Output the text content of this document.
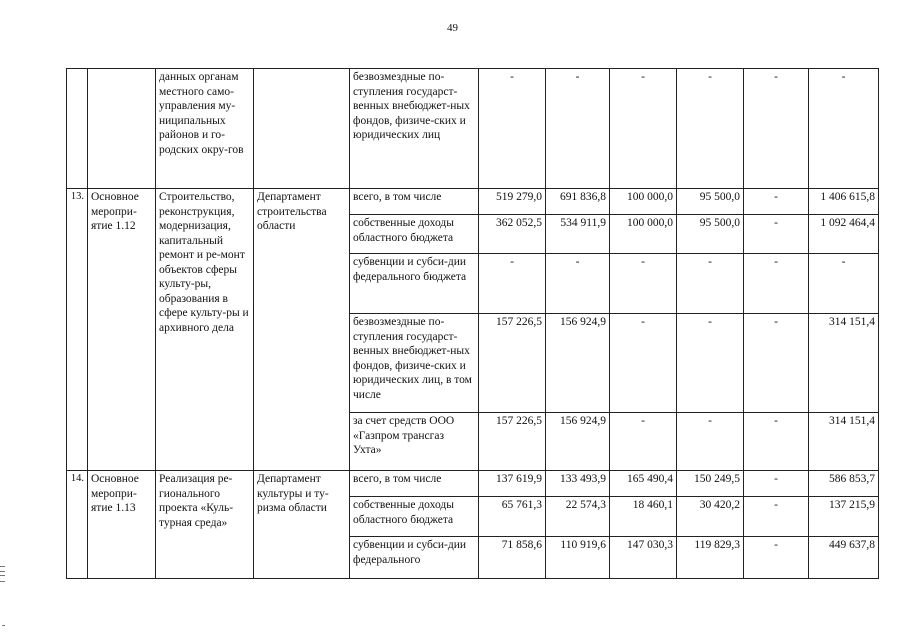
49
		данных органам местного само-управления му-ниципальных районов и го-родских окру-гов		безвозмездные по-ступления государст-венных внебюджет-ных фондов, физиче-ских и юридических лиц	-	-	-	-	-	-
13.	Основное меропри-ятие 1.12	Строительство, реконструкция, модернизация, капитальный ремонт и ре-монт объектов сферы культу-ры, образования в сфере культу-ры и архивного дела	Департамент строительства области	всего, в том числе	519 279,0	691 836,8	100 000,0	95 500,0	-	1 406 615,8
				собственные доходы областного бюджета	362 052,5	534 911,9	100 000,0	95 500,0	-	1 092 464,4
				субвенции и субси-дии федерального бюджета	-	-	-	-	-	-
				безвозмездные по-ступления государст-венных внебюджет-ных фондов, физиче-ских и юридических лиц, в том числе	157 226,5	156 924,9	-	-	-	314 151,4
				за счет средств ООО «Газпром трансгаз Ухта»	157 226,5	156 924,9	-	-	-	314 151,4
14.	Основное меропри-ятие 1.13	Реализация ре-гионального проекта «Куль-турная среда»	Департамент культуры и ту-ризма области	всего, в том числе	137 619,9	133 493,9	165 490,4	150 249,5	-	586 853,7
				собственные доходы областного бюджета	65 761,3	22 574,3	18 460,1	30 420,2	-	137 215,9
				субвенции и субси-дии федерального	71 858,6	110 919,6	147 030,3	119 829,3	-	449 637,8
